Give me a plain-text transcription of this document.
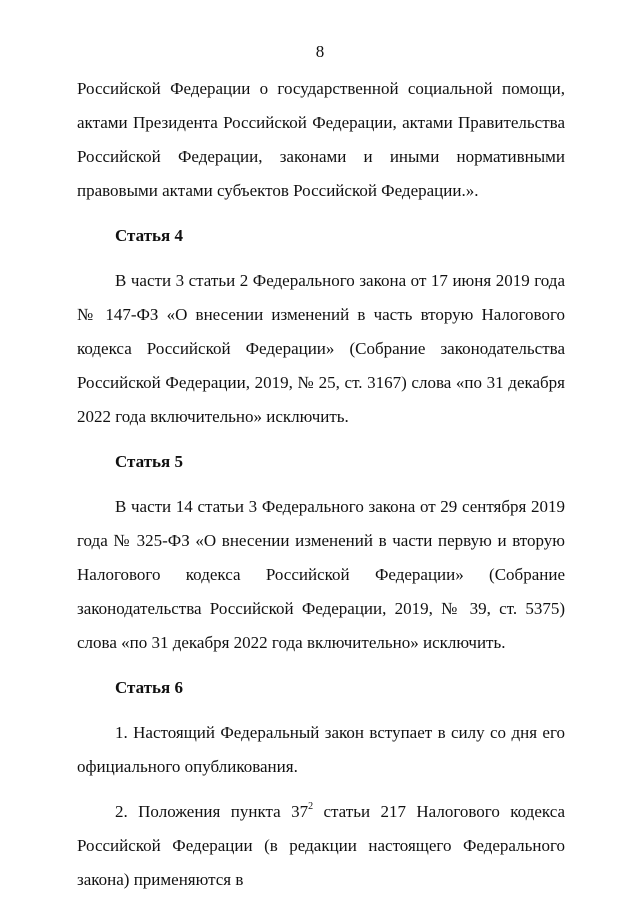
8

Российской Федерации о государственной социальной помощи, актами Президента Российской Федерации, актами Правительства Российской Федерации, законами и иными нормативными правовыми актами субъектов Российской Федерации.».

Статья 4

В части 3 статьи 2 Федерального закона от 17 июня 2019 года № 147-ФЗ «О внесении изменений в часть вторую Налогового кодекса Российской Федерации» (Собрание законодательства Российской Федерации, 2019, № 25, ст. 3167) слова «по 31 декабря 2022 года включительно» исключить.

Статья 5

В части 14 статьи 3 Федерального закона от 29 сентября 2019 года № 325-ФЗ «О внесении изменений в части первую и вторую Налогового кодекса Российской Федерации» (Собрание законодательства Российской Федерации, 2019, № 39, ст. 5375) слова «по 31 декабря 2022 года включительно» исключить.

Статья 6

1. Настоящий Федеральный закон вступает в силу со дня его официального опубликования.

2. Положения пункта $37^2$ статьи 217 Налогового кодекса Российской Федерации (в редакции настоящего Федерального закона) применяются в
